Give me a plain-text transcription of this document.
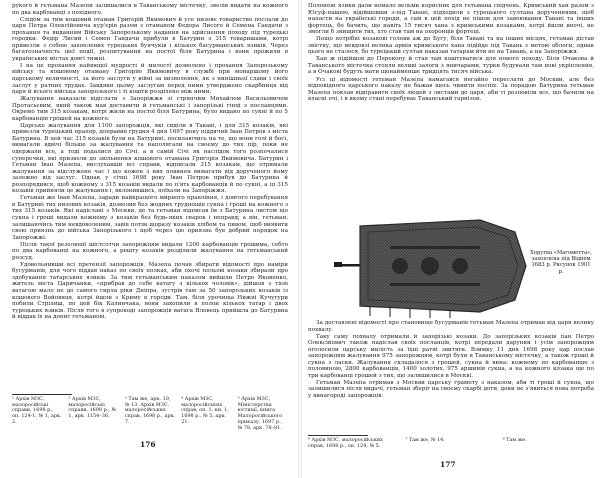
рукого й гетьмана Мазепи залишалися в Таванському містечку, звелів видати на кожного по два карбованці з похідного.

Слідом за тим кошовий отаман Григорій Якимович й усе низове товариство послали до царя Петра Олексійовича кур'єрів разом з отаманом Федора Лисого й Семена Гандачи з прохання та виданням Війську Запорозькому надання на здійснення походу під турецькі городки. Федір Лисий і Семен Гандачи прибули в Батурин з 315 товаришами, котрі привезли з собою захоплених турецьких бунчуків і кількох басурманських язиків. Через багатозначність цієї події, розпитування на постої біля Батурина і вони прожили в українських містах довгі тижні.

І на це прохання найвищої мудрості й милості дозволено і прохання Запорозькому війську та кошовому отаману Григорію Якимовичу в службі при монаршому його царському величності, за його заслуги у війні за визволення, як з нинішньої слави і своїх заслуг у ратних трудах. Завдяки цьому заслугам перед ними утверджено скарбниця від царя й всього війська запорозького і ті кошти розділено між ними.

Жалування наказали відіслати з Запоріжжя зі стряпчим Михайлом Васильовичем Протасьєвим, який також мав доставити й гетьманські і запорізькі гінці з посланцями. Окремо тим 315 козакам, котрі жили на постої біля Батурина, було видано по сукні й по 5 карбованців грошей на кожного.

Царське жалування для 1100 запорожців, які сиділи в Тавані, і для 315 козаків, які привезли турецький прапор, доправив грудня 4 дня 1697 року піддячий Іван Петров з міста Батурина. В цей час 315 козаків були на Батурині, посилаючись на те, що вони голі й босі, вимагали вдвічі більше за жалування та наполягали на своєму до тих пір, поки не одержали все, а тоді подалися до Січі, а в самій Січі як наслідок того розпочалися суперечки, які призвели до звільнення кошового отамана Григорія Якимовича. Батурин і Гетьман Іван Мазепа, вислухавши всі справи, відписали 315 козакам, що отримали жалування за відслужене час і що кожен з них повинен вимагати від дорученого йому залежно від заслуг. Однак у січні 1698 року Іван Петров прибув до Батурина й розпорядився, щоб кожному з 315 козаків видали по п'ять карбованців й по сукні, а ці 315 козаків прийняли це жалування і, вклонившись, поїхали на Запоріжжя.

Гетьман же Іван Мазепа, заради найкращого мирного правління, і довгого перебування в Батурині тих низових козаків, дозволив без жодних труднощів сукна і гроші на кожного з тих 315 козаків. Які надіслані з Москви, де та гетьман відписав їм з Батурина листом що сукна і гроші видали кожному з козаків без будь-яких сварок і неправд; а він, гетьман, залишаючись тим невдоволеним, завів потім щоразу козаків хлібом та пивом, щоб виявити свою приязнь до війська Запорізького і щоб через цю приязнь був добрий порядок на Запорожжі.

Після такої резолюції шістсотчи запорожцям видали 1200 карбованців грошима, себто по два карбованці на кожного, а решту козаків розділили жалування на гетьманський розсуд.

Удовольнивши всі претензії запорожців, Мазепа почав збирати відомості про наміри бусурманів, для чого віддав наказ по своїх полках, аби охочі польові козаки збирали про здобування татарських язиків. За тим гетьманським наказом вийшли Петро Яковенко, житель міста Царичанки, «прибрав до себе ватагу з кількох чоловік», дійшов з тією ватагою мало не до самого гирла ріки Дніпра, зустрів там за 50 запорозьких козаків із кошового Войовиця, котрі йшли з Криму в городи. Там, біля урочища Нижні Кучугури побили Стрілиш, по цей бік Калинчака, вони захопили в полон кількох татар і двох турецьких язиків. Після того в супроводі запорожців ватага Яловець прийшла до Батурина й віддав їх на допит гетьманові.

¹ Архів МЗС, малоросійські справи, 1698 р., оп. 124-1, № 1, арк. 2.
² Архів МЗС, малоросійські справи, 1698 р., № 1, арк. 1154–36.
³ Там же, арк. 10, № 13. Архів МЗС, малоросійських справ, 1698 р., арк. 7.
⁴ Архів МЗС, малоросійських справ, оп. 1, кн. 1, 1698 р., № 5, арк. 21.
⁵ Архів МЗС, Міністерства юстиції, книга Малоросійського приказу, 1697 р., № 78, арк. 78–81.
176

Полонені язики дали немало вельми корисних для гетьмана свідчень. Кримський хан разом з Юсуф-пашею, відійшовши з-під Тавані, підходили з турецького султана дорученнями, щоб напасти на українські городи, а сам в цей похід не пішов для завоювання Тавані та інших фортець, бо бачить, що навіть 15 тисяч хана з кримськими козаками, котрі йшли вночі, не змогли б знищити тих, хто став там на охоронців фортеці.

Пощо потрібні козакові голови аж до Бугу, біля Тавані та на інших місцях, гетьман дістав звістку, що невдовзі велика армія кримського хана підійде під Тавань з метою облоги; однак цього не сталося, бо турецький султан наказав татарам йти не на Тавань, а на Запоріжжя.

Хан ж підійшов до Перекопу й став там коштуватися для нового походу. Біля Очакова й Таванського містечка стояли великі залоги з яничарами, турки будували там нові укріплення, а в Очакові будуть мати щонайменше тридцять тисяч війська.

Усі ці відомості гетьман Мазепа намагався негайно переслати до Москви, але без відповідного царського наказу не бажав щось чинити поспіх. За порадою Батурина гетьман Мазепа поклав відправити своїх людей з листами до царя, аби ті розповіли все, що бачили на власні очі, і в якому стані перебуває Таванський гарнізон.

Хоругва «Магометта», захоплена під Віднем 1683 р. Рисунок 1901 р.

За доставлені відомості про становище бусурманів гетьман Мазепа отримав від царя велику похвалу.

Таку саму похвалу отримали й запорізькі козаки. До запорізьких козаків пан Петро Олексійович також надіслав своїх посланців, котрі передали дарунки і усім запорожцям оголосили царську милість за їхні ратні звитяги. Взимку 11 дня 1698 року цар послав запорожцям жалування 975 запорожцям, котрі були в Таванському містечку, а також гроші й сукна з ласки. Жалування складалося з грошей, сукна й вина: кожному по карбованцю з половиною, 2800 карбованців, 1400 золотих, 975 аршинів сукна, а на кожного козака ще по три карбованці грошей з тих, що залишилися в Москві.

Гетьман Мазепа отримав з Москви царську грамоту з наказом, аби ті гроші й сукна, що залишилися після видачі, гетьман зберіг на своєму скарбі доти, доки не з'явиться нова потреба у винагороді запорожців.

⁶ Архів МЗС, малоросійських справ, 1698 р., оп. 124, № 5.
⁷ Там же, № 14.	⁸ Там же.
177
